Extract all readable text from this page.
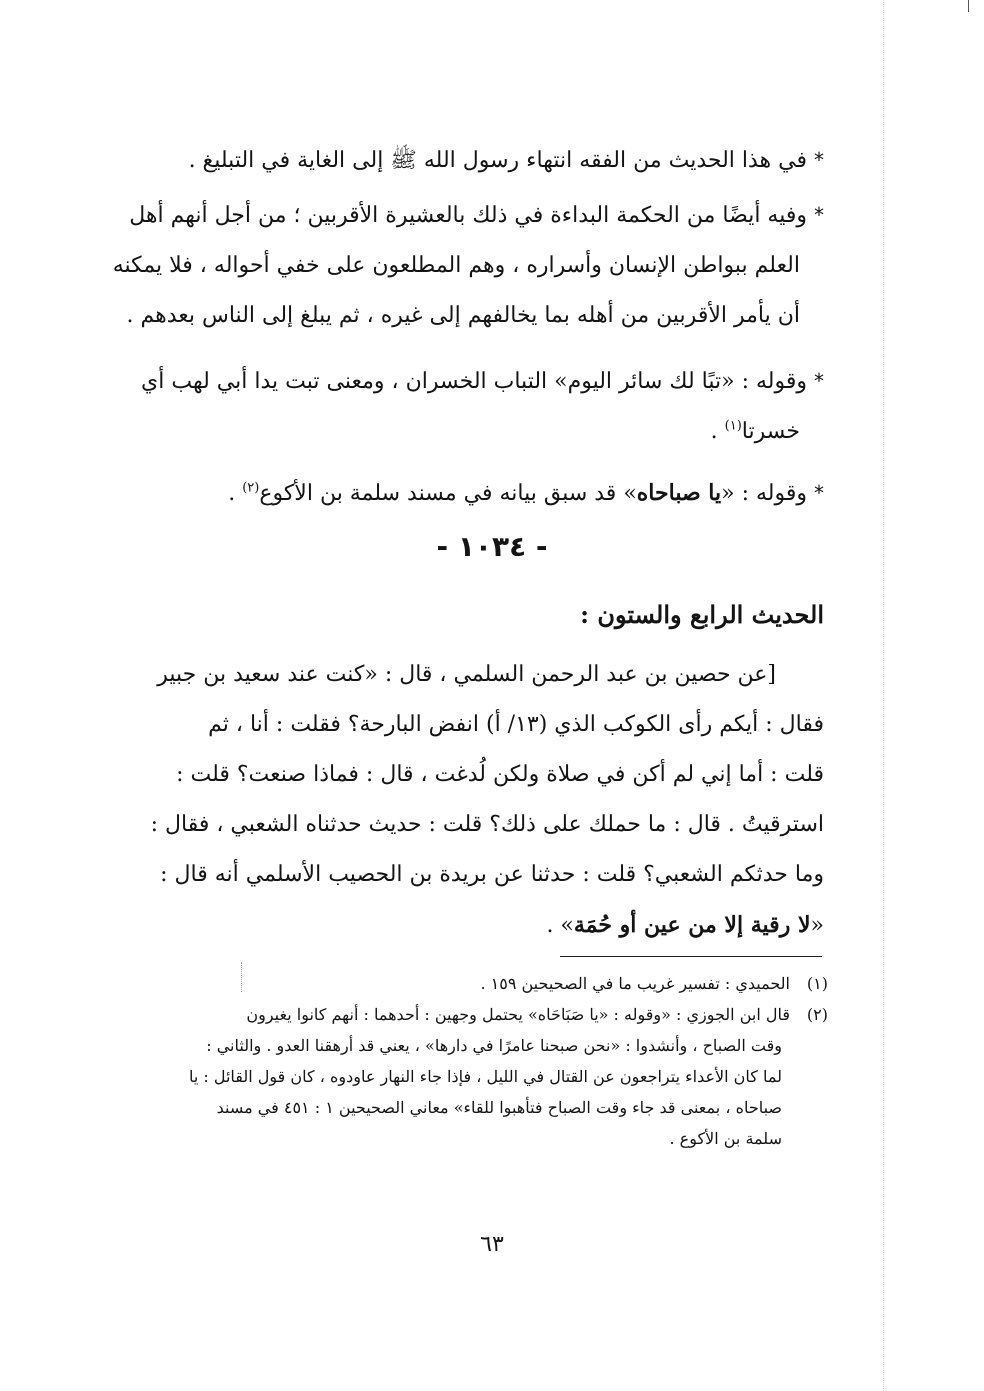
* في هذا الحديث من الفقه انتهاء رسول الله ﷺ إلى الغاية في التبليغ .
* وفيه أيضًا من الحكمة البداءة في ذلك بالعشيرة الأقربين ؛ من أجل أنهم أهل
العلم ببواطن الإنسان وأسراره ، وهم المطلعون على خفي أحواله ، فلا يمكنه
أن يأمر الأقربين من أهله بما يخالفهم إلى غيره ، ثم يبلغ إلى الناس بعدهم .
* وقوله : «تبًا لك سائر اليوم» التباب الخسران ، ومعنى تبت يدا أبي لهب أي
خسرتا$^{(١)}$ .
* وقوله : «يا صباحاه» قد سبق بيانه في مسند سلمة بن الأكوع$^{(٢)}$ .
- ١٠٣٤ -
الحديث الرابع والستون :
[عن حصين بن عبد الرحمن السلمي ، قال : «كنت عند سعيد بن جبير
فقال : أيكم رأى الكوكب الذي (١٣/ أ) انفض البارحة؟ فقلت : أنا ، ثم
قلت : أما إني لم أكن في صلاة ولكن لُدغت ، قال : فماذا صنعت؟ قلت :
استرقيتُ . قال : ما حملك على ذلك؟ قلت : حديث حدثناه الشعبي ، فقال :
وما حدثكم الشعبي؟ قلت : حدثنا عن بريدة بن الحصيب الأسلمي أنه قال :
«لا رقية إلا من عين أو حُمَة» .
(١)الحميدي : تفسير غريب ما في الصحيحين ١٥٩ .
(٢)قال ابن الجوزي : «وقوله : «يا صَبَاحَاه» يحتمل وجهين : أحدهما : أنهم كانوا يغيرون
وقت الصباح ، وأنشدوا : «نحن صبحنا عامرًا في دارها» ، يعني قد أرهقنا العدو . والثاني :
لما كان الأعداء يتراجعون عن القتال في الليل ، فإذا جاء النهار عاودوه ، كان قول القائل : يا
صباحاه ، بمعنى قد جاء وقت الصباح فتأهبوا للقاء» معاني الصحيحين ١ : ٤٥١ في مسند
سلمة بن الأكوع .
٦٣
